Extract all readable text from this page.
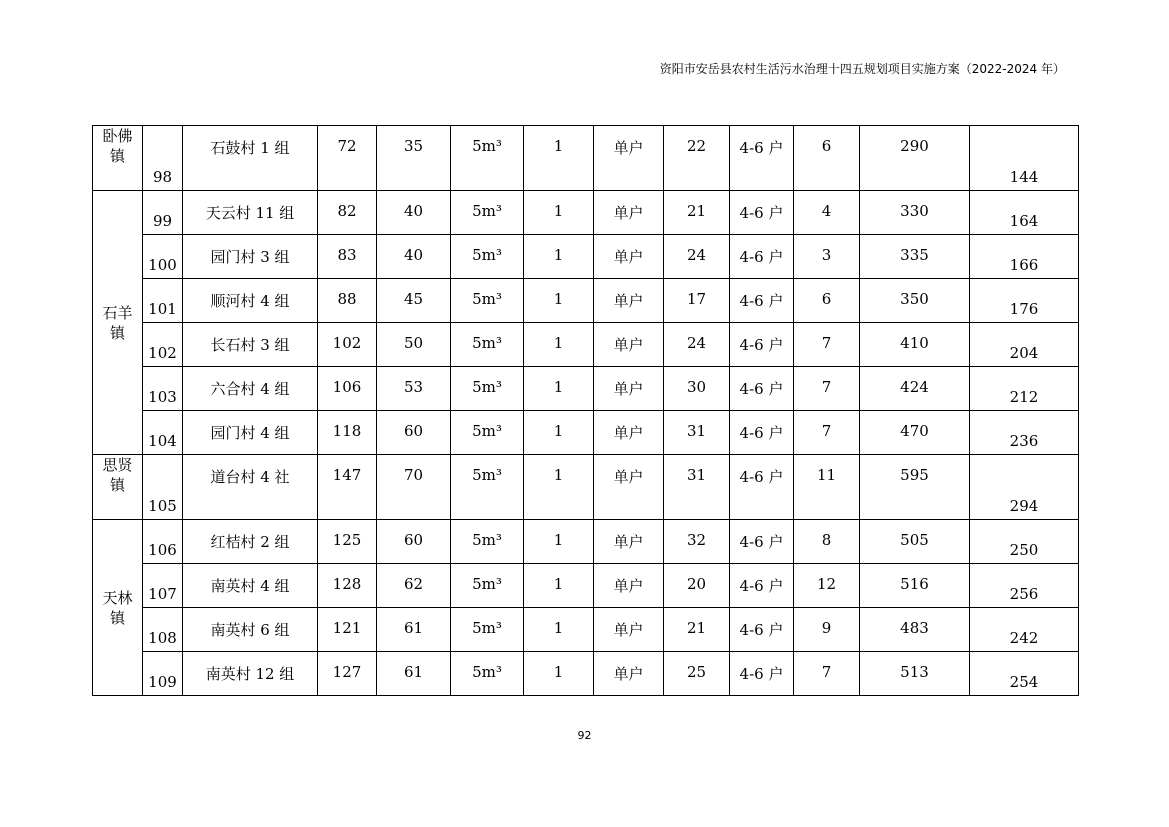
资阳市安岳县农村生活污水治理十四五规划项目实施方案（2022-2024 年）
卧佛镇	98	石鼓村 1 组	72	35	5m³	1	单户	22	4-6 户	6	290	144
石羊镇	99	天云村 11 组	82	40	5m³	1	单户	21	4-6 户	4	330	164
	100	园门村 3 组	83	40	5m³	1	单户	24	4-6 户	3	335	166
	101	顺河村 4 组	88	45	5m³	1	单户	17	4-6 户	6	350	176
	102	长石村 3 组	102	50	5m³	1	单户	24	4-6 户	7	410	204
	103	六合村 4 组	106	53	5m³	1	单户	30	4-6 户	7	424	212
	104	园门村 4 组	118	60	5m³	1	单户	31	4-6 户	7	470	236
思贤镇	105	道台村 4 社	147	70	5m³	1	单户	31	4-6 户	11	595	294
天林镇	106	红桔村 2 组	125	60	5m³	1	单户	32	4-6 户	8	505	250
	107	南英村 4 组	128	62	5m³	1	单户	20	4-6 户	12	516	256
	108	南英村 6 组	121	61	5m³	1	单户	21	4-6 户	9	483	242
	109	南英村 12 组	127	61	5m³	1	单户	25	4-6 户	7	513	254
92
